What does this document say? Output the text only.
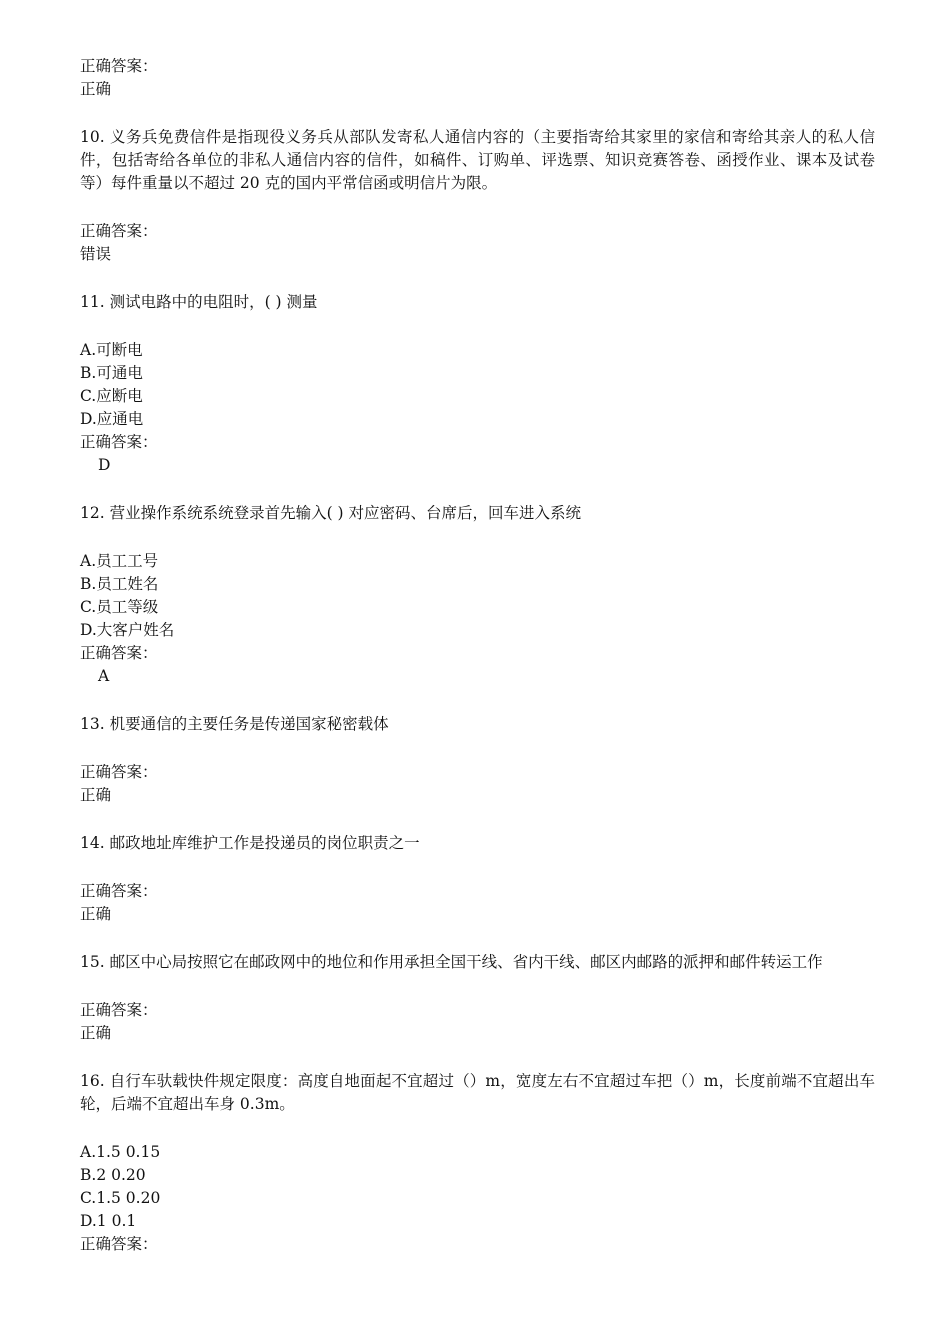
正确答案：
正确
10. 义务兵免费信件是指现役义务兵从部队发寄私人通信内容的（主要指寄给其家里的家信和寄给其亲人的私人信件，包括寄给各单位的非私人通信内容的信件，如稿件、订购单、评选票、知识竞赛答卷、函授作业、课本及试卷等）每件重量以不超过 20 克的国内平常信函或明信片为限。
正确答案：
错误
11. 测试电路中的电阻时，( ) 测量
A.可断电
B.可通电
C.应断电
D.应通电
正确答案：
D
12. 营业操作系统系统登录首先输入( ) 对应密码、台席后，回车进入系统
A.员工工号
B.员工姓名
C.员工等级
D.大客户姓名
正确答案：
A
13. 机要通信的主要任务是传递国家秘密载体
正确答案：
正确
14. 邮政地址库维护工作是投递员的岗位职责之一
正确答案：
正确
15. 邮区中心局按照它在邮政网中的地位和作用承担全国干线、省内干线、邮区内邮路的派押和邮件转运工作
正确答案：
正确
16. 自行车驮载快件规定限度：高度自地面起不宜超过（）m，宽度左右不宜超过车把（）m，长度前端不宜超出车轮，后端不宜超出车身 0.3m。
A.1.5 0.15
B.2 0.20
C.1.5 0.20
D.1 0.1
正确答案：
